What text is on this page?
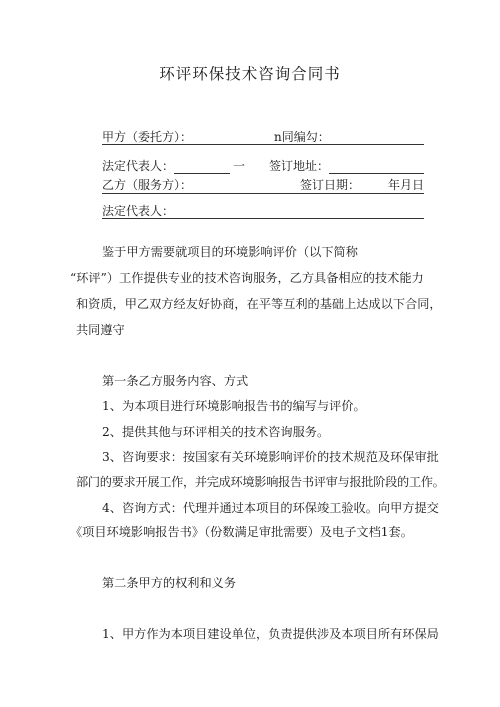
环评环保技术咨询合同书
甲方（委托方）：	n同编勾：
法定代表人：	一 签订地址：
乙方（服务方）：	签订日期： 年月日
法定代表人：
鉴于甲方需要就项目的环境影响评价（以下简称
“环评”）工作提供专业的技术咨询服务，乙方具备相应的技术能力
和资质，甲乙双方经友好协商，在平等互利的基础上达成以下合同，
共同遵守
第一条乙方服务内容、方式
1、为本项目进行环境影响报告书的编写与评价。
2、提供其他与环评相关的技术咨询服务。
3、咨询要求：按国家有关环境影响评价的技术规范及环保审批
部门的要求开展工作，并完成环境影响报告书评审与报批阶段的工作。
4、咨询方式：代理并通过本项目的环保竣工验收。向甲方提交
《项目环境影响报告书》（份数满足审批需要）及电子文档1套。
第二条甲方的权利和义务
1、甲方作为本项目建设单位，负责提供涉及本项目所有环保局
